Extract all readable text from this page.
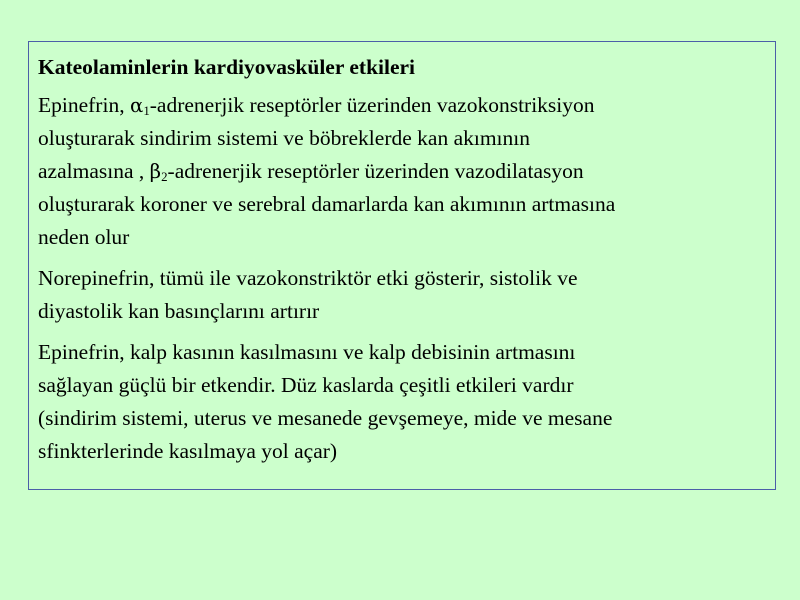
Kateolaminlerin kardiyovasküler etkileri
Epinefrin, $\alpha_1$-adrenerjik reseptörler üzerinden vazokonstriksiyon
oluşturarak sindirim sistemi ve böbreklerde kan akımının
azalmasına , $\beta_2$-adrenerjik reseptörler üzerinden vazodilatasyon
oluşturarak koroner ve serebral damarlarda kan akımının artmasına
neden olur
Norepinefrin, tümü ile vazokonstriktör etki gösterir, sistolik ve
diyastolik kan basınçlarını artırır
Epinefrin, kalp kasının kasılmasını ve kalp debisinin artmasını
sağlayan güçlü bir etkendir. Düz kaslarda çeşitli etkileri vardır
(sindirim sistemi, uterus ve mesanede gevşemeye, mide ve mesane
sfinkterlerinde kasılmaya yol açar)
